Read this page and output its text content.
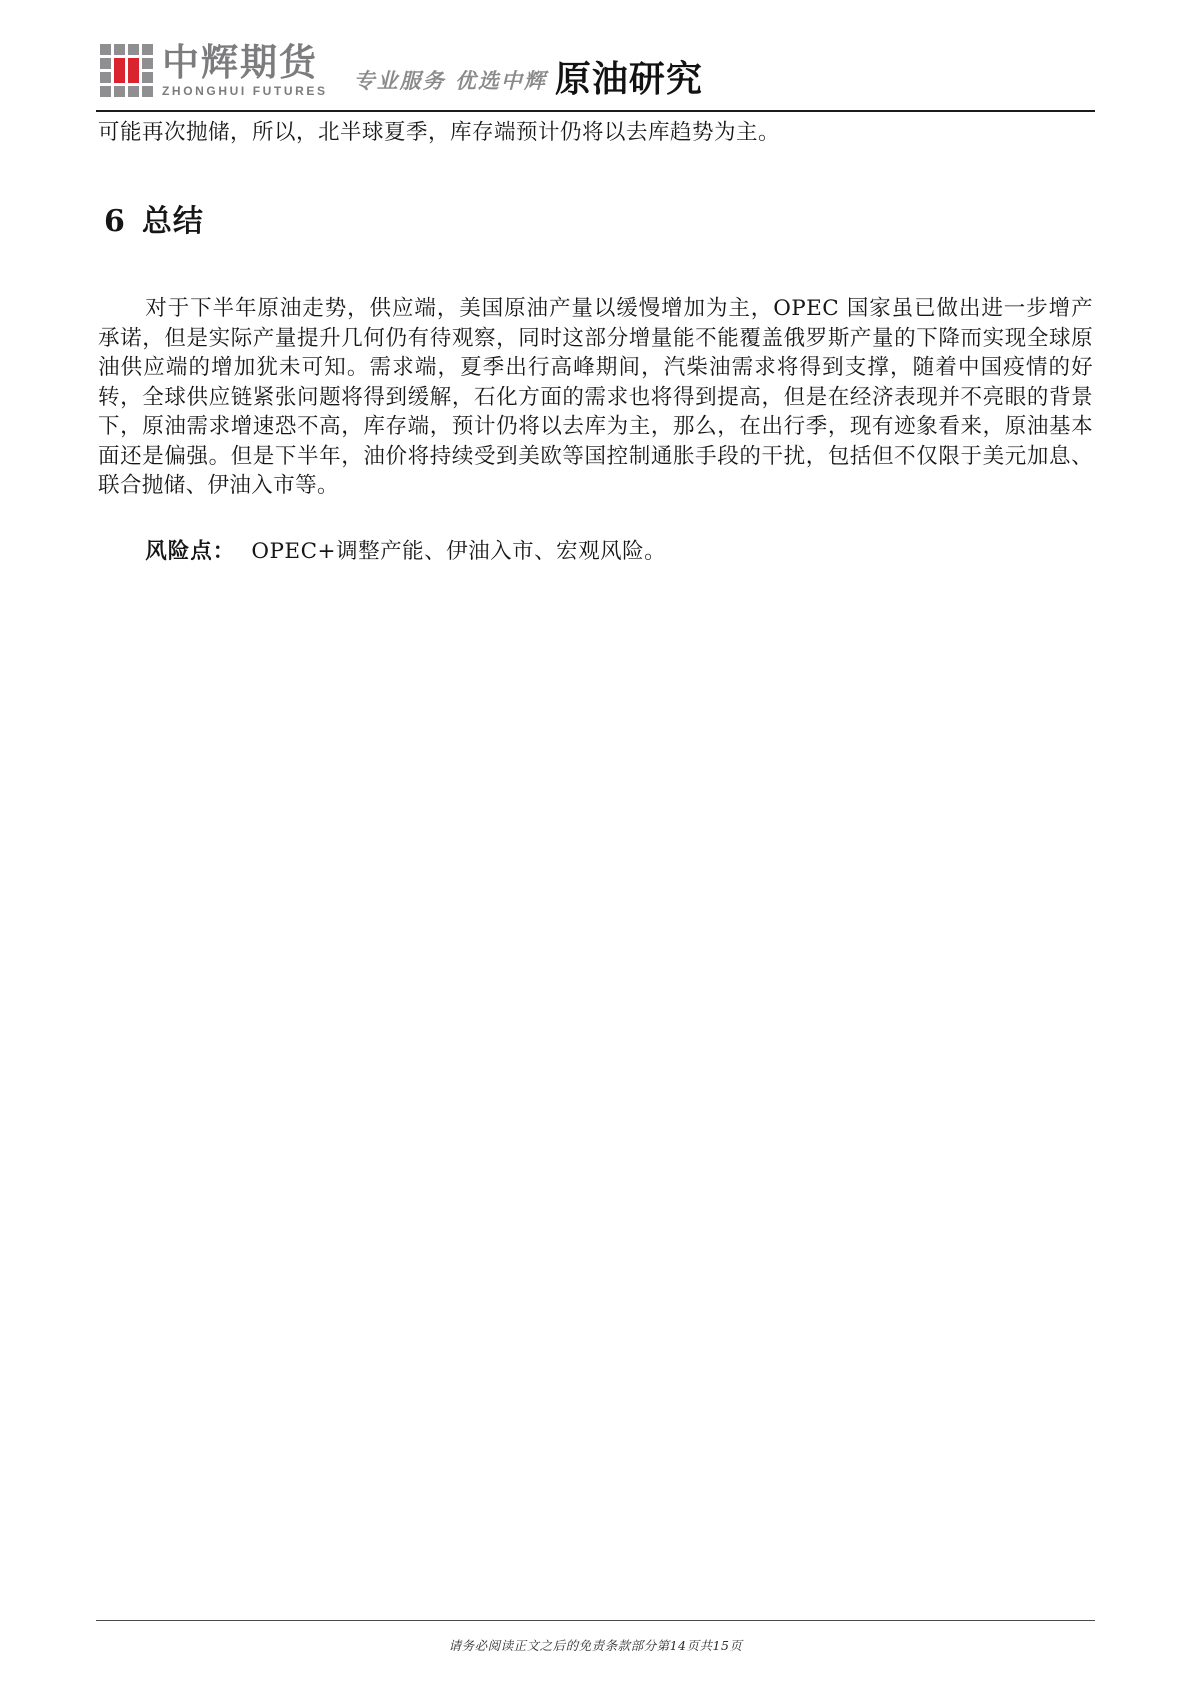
中辉期货
ZHONGHUI FUTURES 专业服务 优选中辉 原油研究

可能再次抛储，所以，北半球夏季，库存端预计仍将以去库趋势为主。

6 总结

对于下半年原油走势，供应端，美国原油产量以缓慢增加为主，OPEC 国家虽已做出进一步增产承诺，但是实际产量提升几何仍有待观察，同时这部分增量能不能覆盖俄罗斯产量的下降而实现全球原油供应端的增加犹未可知。需求端，夏季出行高峰期间，汽柴油需求将得到支撑，随着中国疫情的好转，全球供应链紧张问题将得到缓解，石化方面的需求也将得到提高，但是在经济表现并不亮眼的背景下，原油需求增速恐不高，库存端，预计仍将以去库为主，那么，在出行季，现有迹象看来，原油基本面还是偏强。但是下半年，油价将持续受到美欧等国控制通胀手段的干扰，包括但不仅限于美元加息、联合抛储、伊油入市等。

风险点： OPEC+调整产能、伊油入市、宏观风险。

请务必阅读正文之后的免责条款部分第14页共15页
